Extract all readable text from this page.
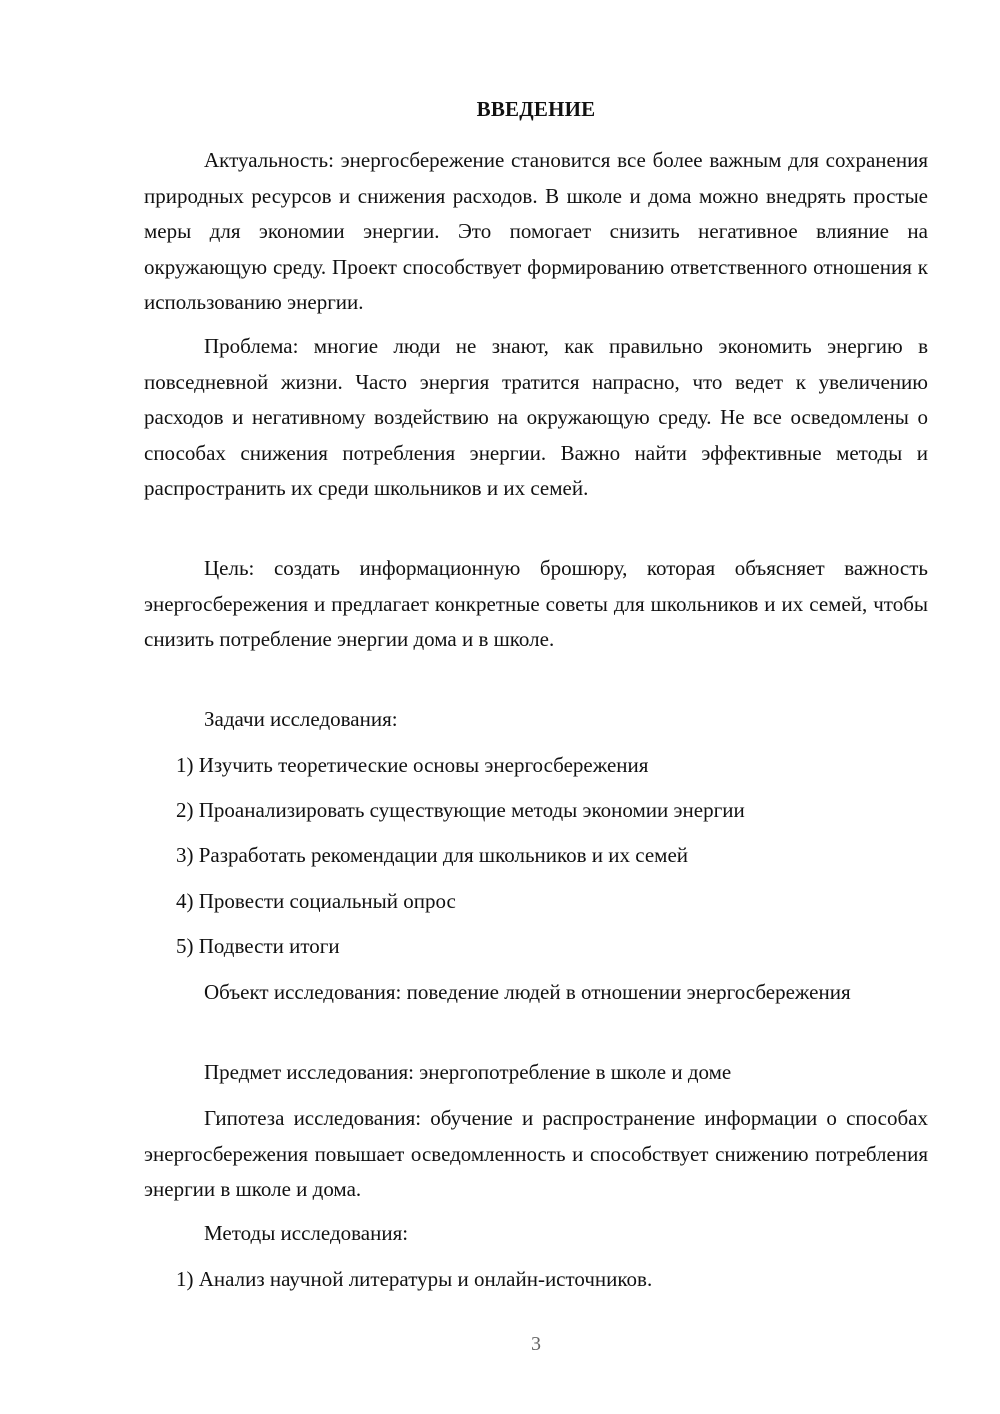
ВВЕДЕНИЕ

Актуальность: энергосбережение становится все более важным для сохранения природных ресурсов и снижения расходов. В школе и дома можно внедрять простые меры для экономии энергии. Это помогает снизить негативное влияние на окружающую среду. Проект способствует формированию ответственного отношения к использованию энергии.

Проблема: многие люди не знают, как правильно экономить энергию в повседневной жизни. Часто энергия тратится напрасно, что ведет к увеличению расходов и негативному воздействию на окружающую среду. Не все осведомлены о способах снижения потребления энергии. Важно найти эффективные методы и распространить их среди школьников и их семей.

Цель: создать информационную брошюру, которая объясняет важность энергосбережения и предлагает конкретные советы для школьников и их семей, чтобы снизить потребление энергии дома и в школе.

Задачи исследования:
1) Изучить теоретические основы энергосбережения
2) Проанализировать существующие методы экономии энергии
3) Разработать рекомендации для школьников и их семей
4) Провести социальный опрос
5) Подвести итоги

Объект исследования: поведение людей в отношении энергосбережения

Предмет исследования: энергопотребление в школе и доме

Гипотеза исследования: обучение и распространение информации о способах энергосбережения повышает осведомленность и способствует снижению потребления энергии в школе и дома.

Методы исследования:
1) Анализ научной литературы и онлайн-источников.
3
